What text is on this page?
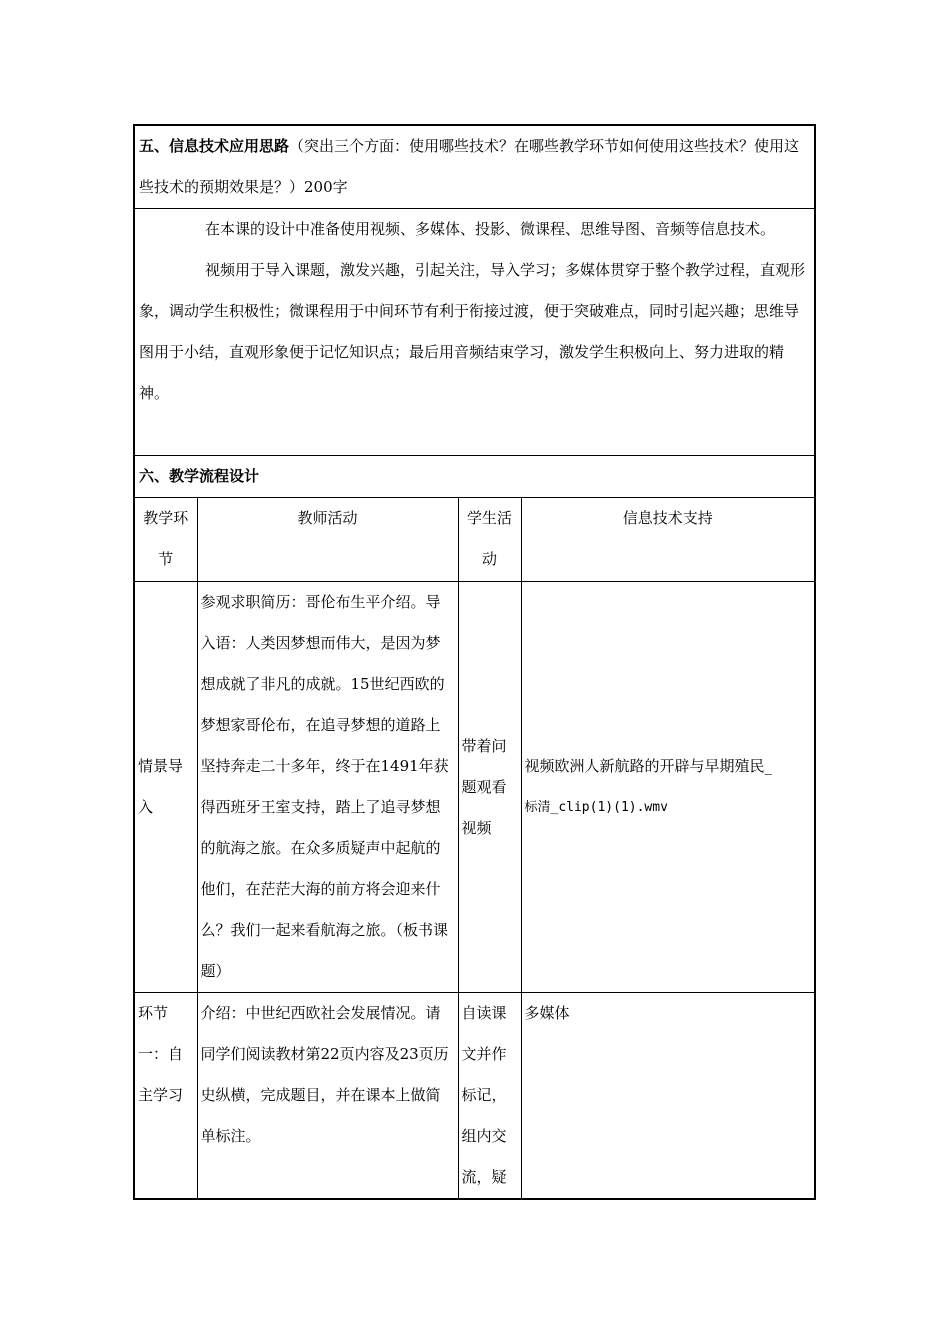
五、信息技术应用思路（突出三个方面：使用哪些技术？在哪些教学环节如何使用这些技术？使用这些技术的预期效果是？）200字			

在本课的设计中准备使用视频、多媒体、投影、微课程、思维导图、音频等信息技术。
视频用于导入课题，激发兴趣，引起关注，导入学习；多媒体贯穿于整个教学过程，直观形象，调动学生积极性；微课程用于中间环节有利于衔接过渡，便于突破难点，同时引起兴趣；思维导图用于小结，直观形象便于记忆知识点；最后用音频结束学习，激发学生积极向上、努力进取的精神。			

六、教学流程设计			
教学环节	教师活动	学生活动	信息技术支持
情景导入	参观求职简历：哥伦布生平介绍。导入语：人类因梦想而伟大，是因为梦想成就了非凡的成就。15世纪西欧的梦想家哥伦布，在追寻梦想的道路上坚持奔走二十多年，终于在1491年获得西班牙王室支持，踏上了追寻梦想的航海之旅。在众多质疑声中起航的他们，在茫茫大海的前方将会迎来什么？我们一起来看航海之旅。（板书课题）	带着问题观看视频	视频欧洲人新航路的开辟与早期殖民_
标清_clip(1)(1).wmv

环节一：自主学习	介绍：中世纪西欧社会发展情况。请同学们阅读教材第22页内容及23页历史纵横，完成题目，并在课本上做简单标注。	自读课文并作标记，组内交流，疑	多媒体
